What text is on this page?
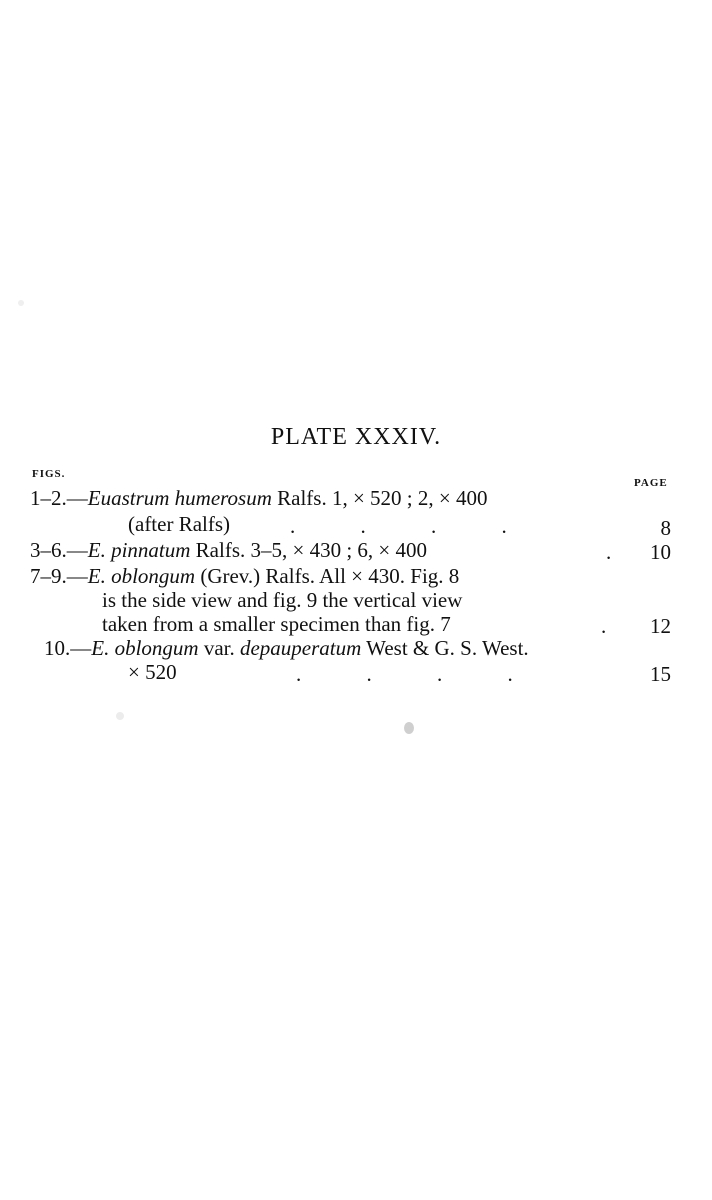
PLATE XXXIV.
FIGS.
PAGE
1–2.—Euastrum humerosum Ralfs. 1, × 520 ; 2, × 400
(after Ralfs)	. . . .	8
3–6.—E. pinnatum Ralfs. 3–5, × 430 ; 6, × 400	.	10
7–9.—E. oblongum (Grev.) Ralfs. All × 430. Fig. 8
is the side view and fig. 9 the vertical view
taken from a smaller specimen than fig. 7	.	12
10.—E. oblongum var. depauperatum West & G. S. West.
× 520	. . . .	15
